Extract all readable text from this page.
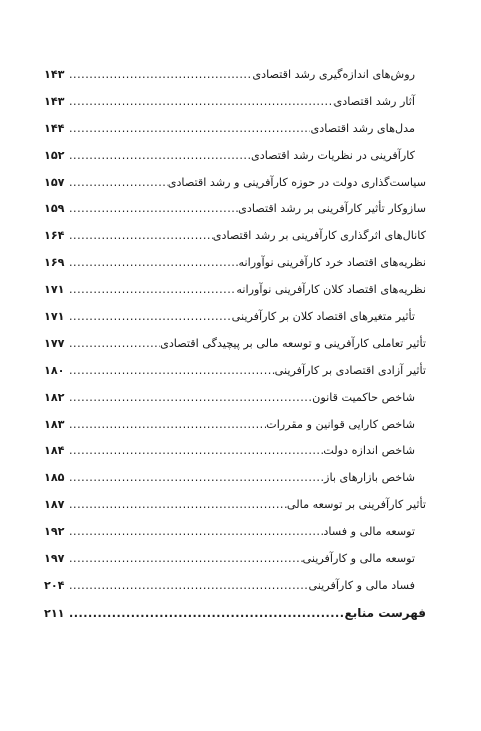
روش‌های اندازه‌گیری رشد اقتصادی
.....
۱۴۳
آثار رشد اقتصادی
.....
۱۴۳
مدل‌های رشد اقتصادی
.....
۱۴۴
کارآفرینی در نظریات رشد اقتصادی
.....
۱۵۲
سیاست‌گذاری دولت در حوزه کارآفرینی و رشد اقتصادی
.....
۱۵۷
سازوکار تأثیر کارآفرینی بر رشد اقتصادی
.....
۱۵۹
کانال‌های اثرگذاری کارآفرینی بر رشد اقتصادی
.....
۱۶۴
نظریه‌های اقتصاد خرد کارآفرینی نوآورانه
.....
۱۶۹
نظریه‌های اقتصاد کلان کارآفرینی نوآورانه
.....
۱۷۱
تأثیر متغیرهای اقتصاد کلان بر کارآفرینی
.....
۱۷۱
تأثیر تعاملی کارآفرینی و توسعه مالی بر پیچیدگی اقتصادی
.....
۱۷۷
تأثیر آزادی اقتصادی بر کارآفرینی
.....
۱۸۰
شاخص حاکمیت قانون
.....
۱۸۲
شاخص کارایی قوانین و مقررات
.....
۱۸۳
شاخص اندازه دولت
.....
۱۸۴
شاخص بازارهای باز
.....
۱۸۵
تأثیر کارآفرینی بر توسعه مالی
.....
۱۸۷
توسعه مالی و فساد
.....
۱۹۲
توسعه مالی و کارآفرینی
.....
۱۹۷
فساد مالی و کارآفرینی
.....
۲۰۴
فهرست منابع
.....
۲۱۱
